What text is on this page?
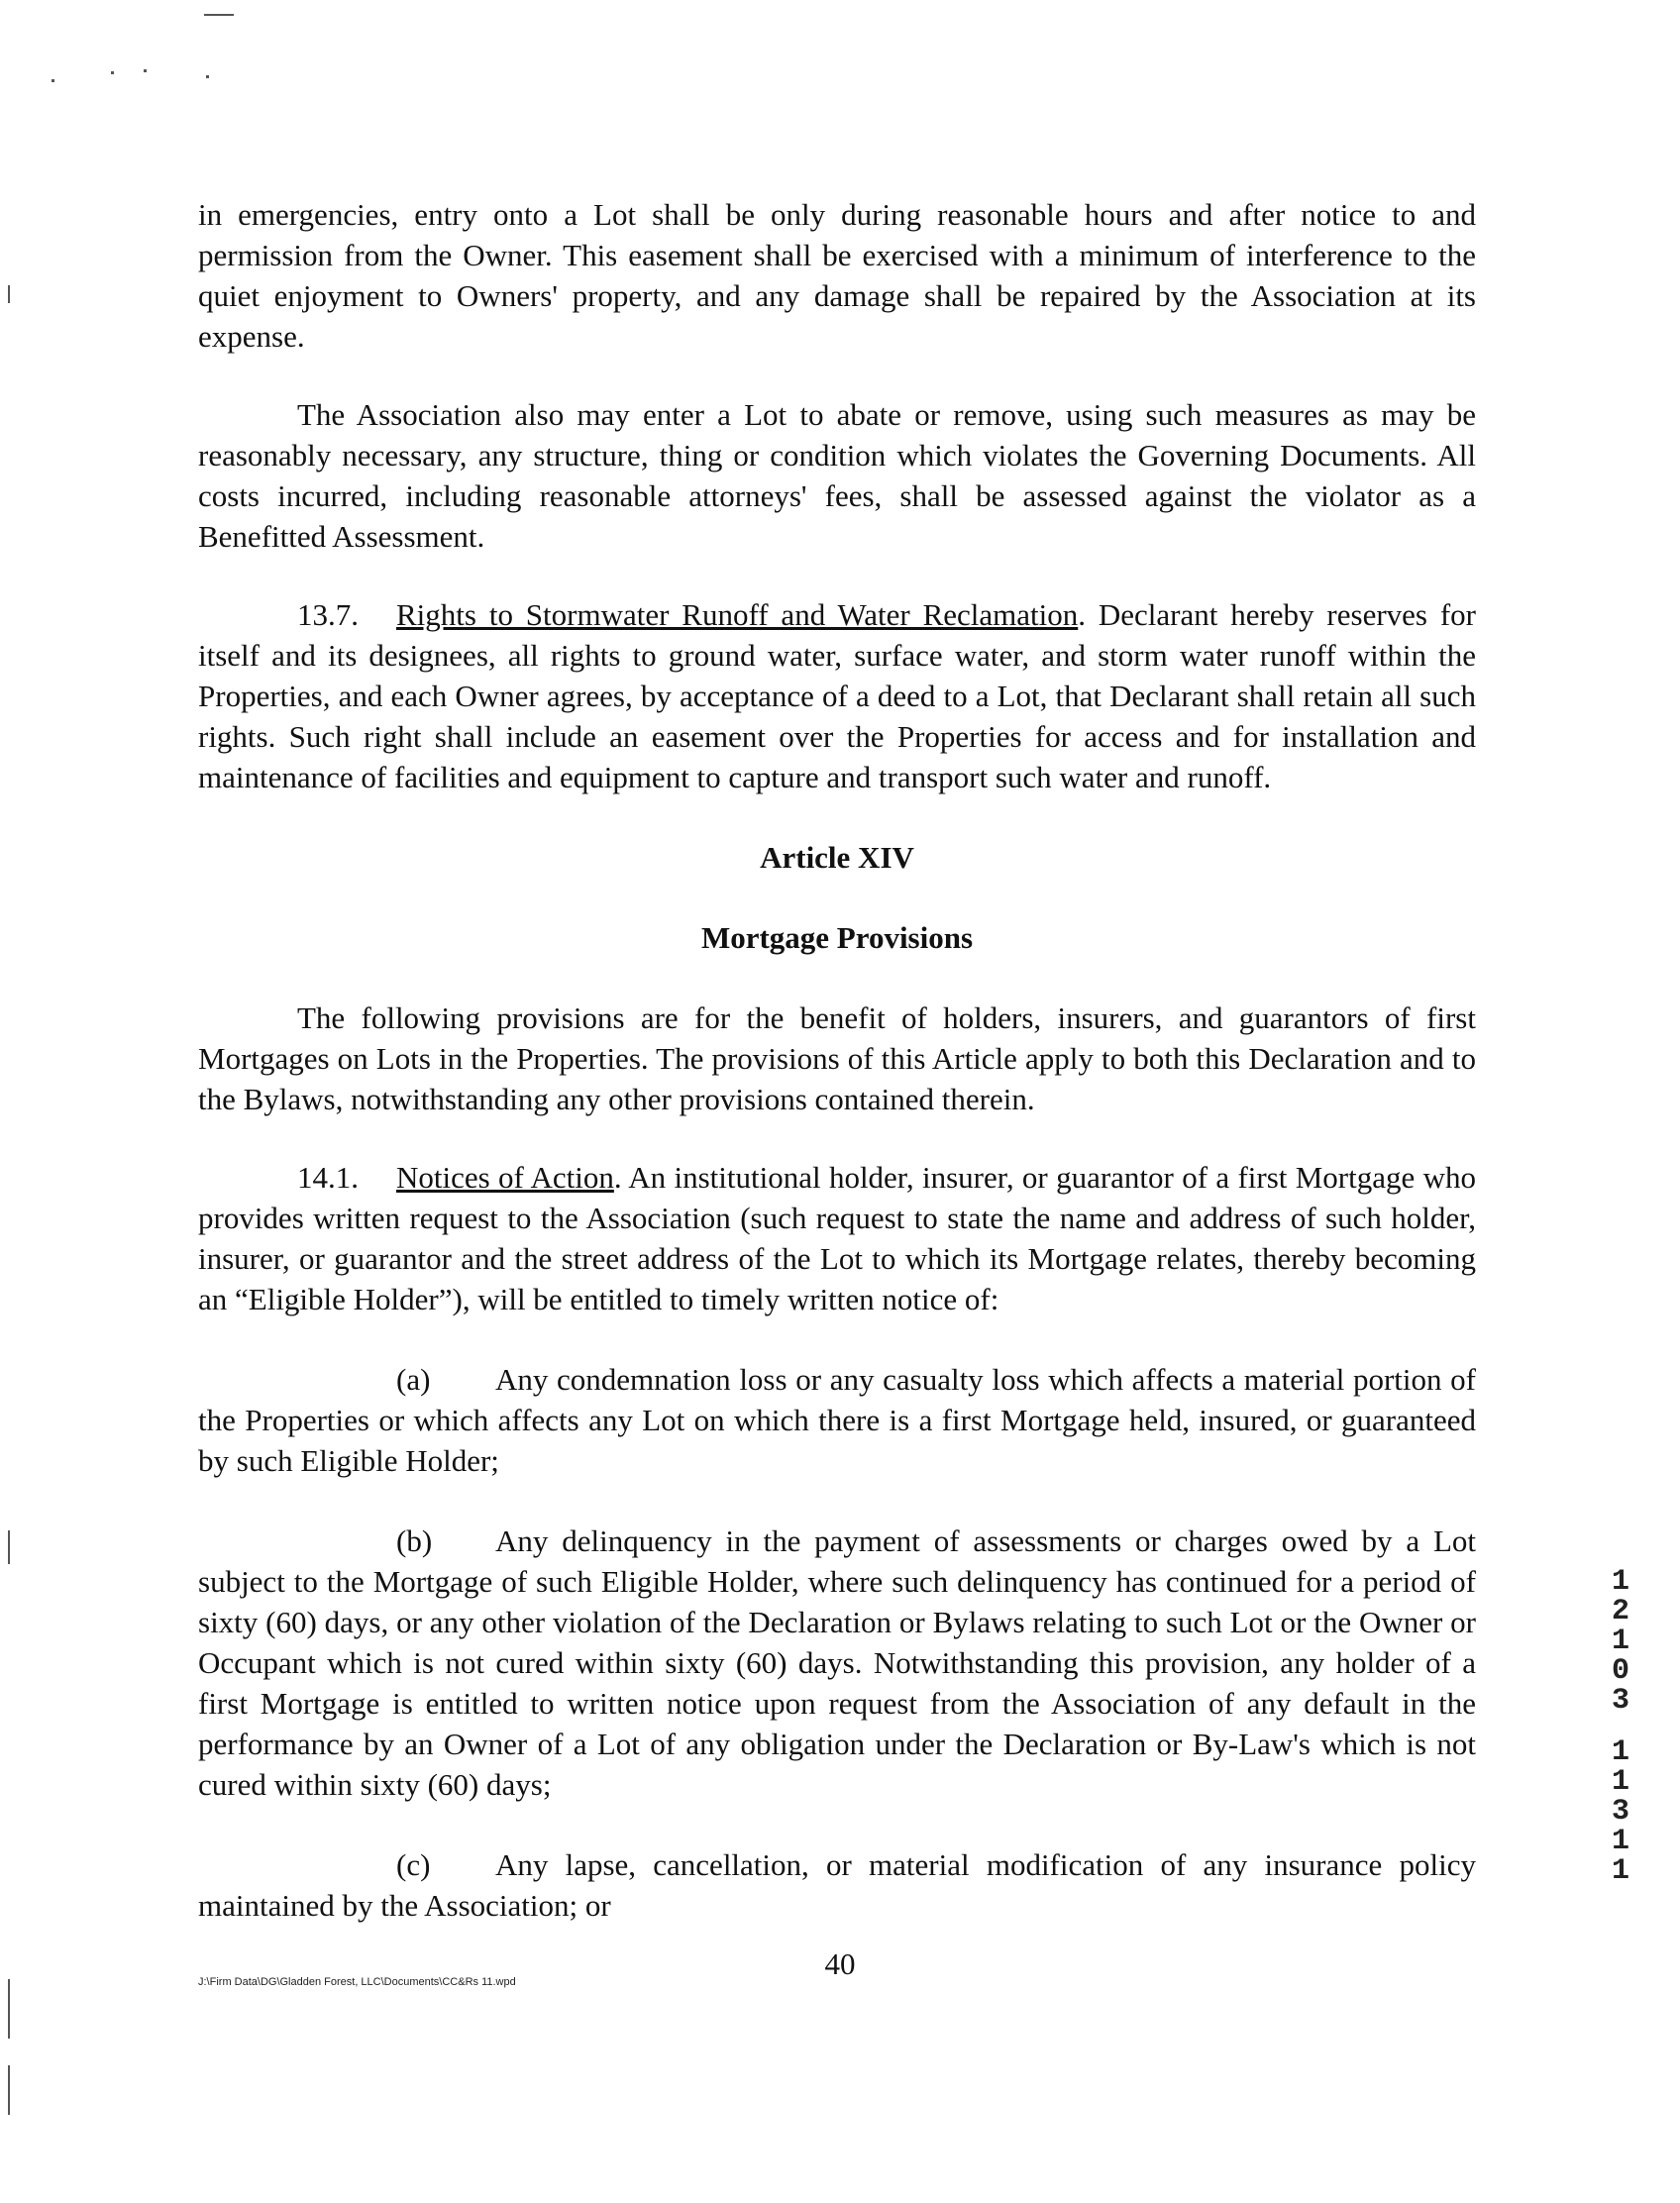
in emergencies, entry onto a Lot shall be only during reasonable hours and after notice to and permission from the Owner. This easement shall be exercised with a minimum of interference to the quiet enjoyment to Owners' property, and any damage shall be repaired by the Association at its expense.

The Association also may enter a Lot to abate or remove, using such measures as may be reasonably necessary, any structure, thing or condition which violates the Governing Documents. All costs incurred, including reasonable attorneys' fees, shall be assessed against the violator as a Benefitted Assessment.

13.7. Rights to Stormwater Runoff and Water Reclamation. Declarant hereby reserves for itself and its designees, all rights to ground water, surface water, and storm water runoff within the Properties, and each Owner agrees, by acceptance of a deed to a Lot, that Declarant shall retain all such rights. Such right shall include an easement over the Properties for access and for installation and maintenance of facilities and equipment to capture and transport such water and runoff.

Article XIV

Mortgage Provisions

The following provisions are for the benefit of holders, insurers, and guarantors of first Mortgages on Lots in the Properties. The provisions of this Article apply to both this Declaration and to the Bylaws, notwithstanding any other provisions contained therein.

14.1. Notices of Action. An institutional holder, insurer, or guarantor of a first Mortgage who provides written request to the Association (such request to state the name and address of such holder, insurer, or guarantor and the street address of the Lot to which its Mortgage relates, thereby becoming an “Eligible Holder”), will be entitled to timely written notice of:

(a) Any condemnation loss or any casualty loss which affects a material portion of the Properties or which affects any Lot on which there is a first Mortgage held, insured, or guaranteed by such Eligible Holder;

(b) Any delinquency in the payment of assessments or charges owed by a Lot subject to the Mortgage of such Eligible Holder, where such delinquency has continued for a period of sixty (60) days, or any other violation of the Declaration or Bylaws relating to such Lot or the Owner or Occupant which is not cured within sixty (60) days. Notwithstanding this provision, any holder of a first Mortgage is entitled to written notice upon request from the Association of any default in the performance by an Owner of a Lot of any obligation under the Declaration or By-Law's which is not cured within sixty (60) days;

(c) Any lapse, cancellation, or material modification of any insurance policy maintained by the Association; or

1
2
1
0
3
1
1
3
1
1
40
J:\Firm Data\DG\Gladden Forest, LLC\Documents\CC&Rs 11.wpd
